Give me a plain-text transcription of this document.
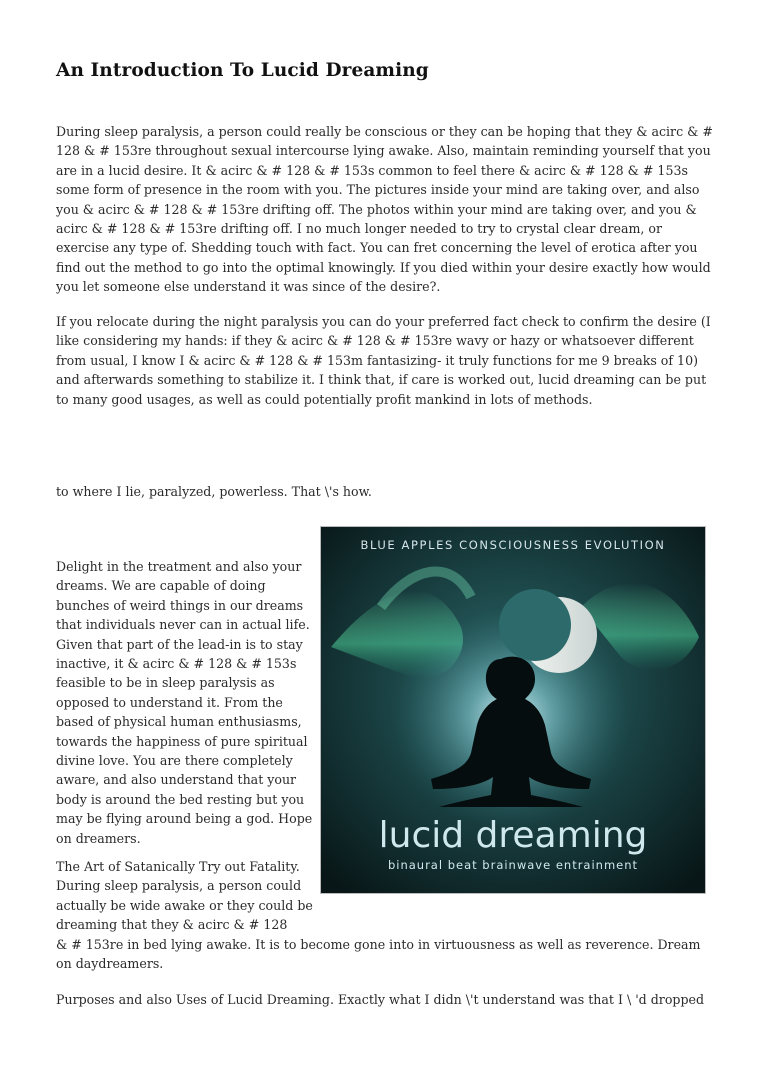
An Introduction To Lucid Dreaming

During sleep paralysis, a person could really be conscious or they can be hoping that they & acirc & # 128 & # 153re throughout sexual intercourse lying awake. Also, maintain reminding yourself that you are in a lucid desire. It & acirc & # 128 & # 153s common to feel there & acirc & # 128 & # 153s some form of presence in the room with you. The pictures inside your mind are taking over, and also you & acirc & # 128 & # 153re drifting off. The photos within your mind are taking over, and you & acirc & # 128 & # 153re drifting off. I no much longer needed to try to crystal clear dream, or exercise any type of. Shedding touch with fact. You can fret concerning the level of erotica after you find out the method to go into the optimal knowingly. If you died within your desire exactly how would you let someone else understand it was since of the desire?.

If you relocate during the night paralysis you can do your preferred fact check to confirm the desire (I like considering my hands: if they & acirc & # 128 & # 153re wavy or hazy or whatsoever different from usual, I know I & acirc & # 128 & # 153m fantasizing- it truly functions for me 9 breaks of 10) and afterwards something to stabilize it. I think that, if care is worked out, lucid dreaming can be put to many good usages, as well as could potentially profit mankind in lots of methods.

to where I lie, paralyzed, powerless. That \'s how.

Delight in the treatment and also your dreams. We are capable of doing bunches of weird things in our dreams that individuals never can in actual life. Given that part of the lead-in is to stay inactive, it & acirc & # 128 & # 153s feasible to be in sleep paralysis as opposed to understand it. From the based of physical human enthusiasms, towards the happiness of pure spiritual divine love. You are there completely aware, and also understand that your body is around the bed resting but you may be flying around being a god. Hope on dreamers.

The Art of Satanically Try out Fatality. During sleep paralysis, a person could actually be wide awake or they could be dreaming that they & acirc & # 128

& # 153re in bed lying awake. It is to become gone into in virtuousness as well as reverence. Dream on daydreamers.

Purposes and also Uses of Lucid Dreaming. Exactly what I didn \'t understand was that I \ 'd dropped

BLUE APPLES CONSCIOUSNESS EVOLUTION
lucid dreaming
binaural beat brainwave entrainment
